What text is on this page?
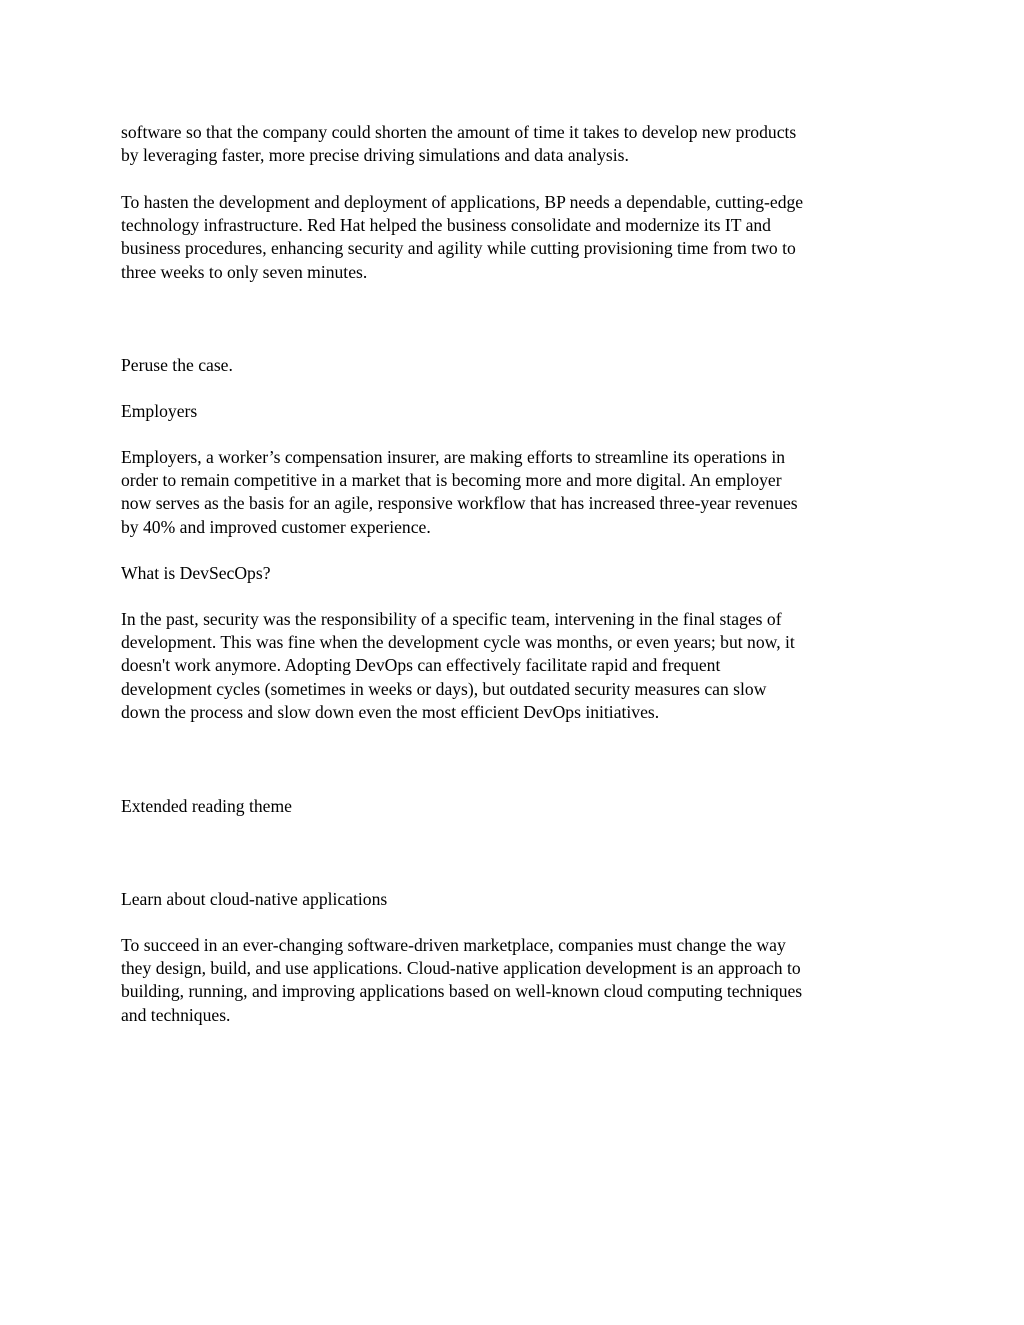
software so that the company could shorten the amount of time it takes to develop new products
by leveraging faster, more precise driving simulations and data analysis.
To hasten the development and deployment of applications, BP needs a dependable, cutting-edge
technology infrastructure. Red Hat helped the business consolidate and modernize its IT and
business procedures, enhancing security and agility while cutting provisioning time from two to
three weeks to only seven minutes.
Peruse the case.
Employers
Employers, a worker’s compensation insurer, are making efforts to streamline its operations in
order to remain competitive in a market that is becoming more and more digital. An employer
now serves as the basis for an agile, responsive workflow that has increased three-year revenues
by 40% and improved customer experience.
What is DevSecOps?
In the past, security was the responsibility of a specific team, intervening in the final stages of
development. This was fine when the development cycle was months, or even years; but now, it
doesn't work anymore. Adopting DevOps can effectively facilitate rapid and frequent
development cycles (sometimes in weeks or days), but outdated security measures can slow
down the process and slow down even the most efficient DevOps initiatives.
Extended reading theme
Learn about cloud-native applications
To succeed in an ever-changing software-driven marketplace, companies must change the way
they design, build, and use applications. Cloud-native application development is an approach to
building, running, and improving applications based on well-known cloud computing techniques
and techniques.
